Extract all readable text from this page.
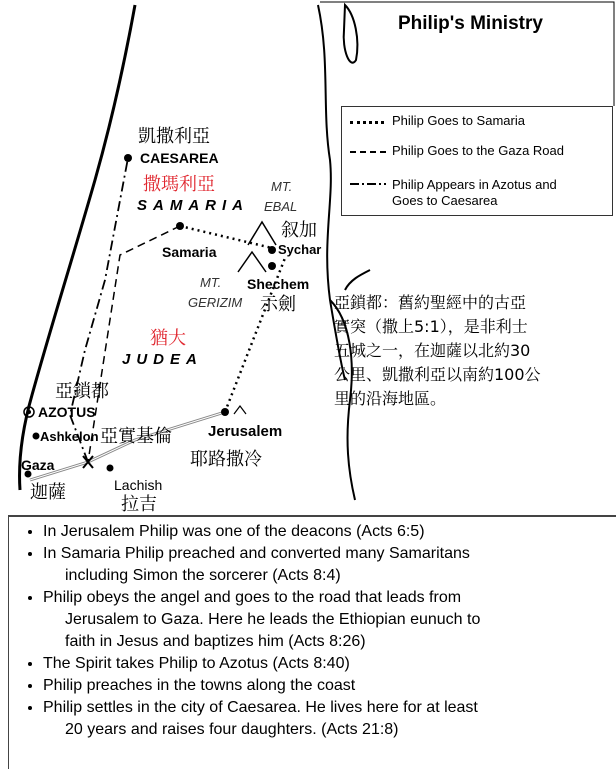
Philip's Ministry
Philip Goes to Samaria
Philip Goes to the Gaza Road
Philip Appears in Azotus and
Goes to Caesarea
凱撒利亞
CAESAREA
撒瑪利亞
SAMARIA
MT.
EBAL
叙加
Sychar
Samaria
Shechem
示劍
MT.
GERIZIM
猶大
JUDEA
亞鎖都
AZOTUS
Ashkelon 亞實基倫 Jerusalem
耶路撒冷
Gaza
迦薩	Lachish
拉吉
亞鎖都：舊約聖經中的古亞
實突（撒上5:1），是非利士
五城之一，在迦薩以北約30
公里、凱撒利亞以南約100公
里的沿海地區。
• In Jerusalem Philip was one of the deacons (Acts 6:5)
• In Samaria Philip preached and converted many Samaritans
including Simon the sorcerer (Acts 8:4)
• Philip obeys the angel and goes to the road that leads from
Jerusalem to Gaza. Here he leads the Ethiopian eunuch to
faith in Jesus and baptizes him (Acts 8:26)
• The Spirit takes Philip to Azotus (Acts 8:40)
• Philip preaches in the towns along the coast
• Philip settles in the city of Caesarea. He lives here for at least
20 years and raises four daughters. (Acts 21:8)
